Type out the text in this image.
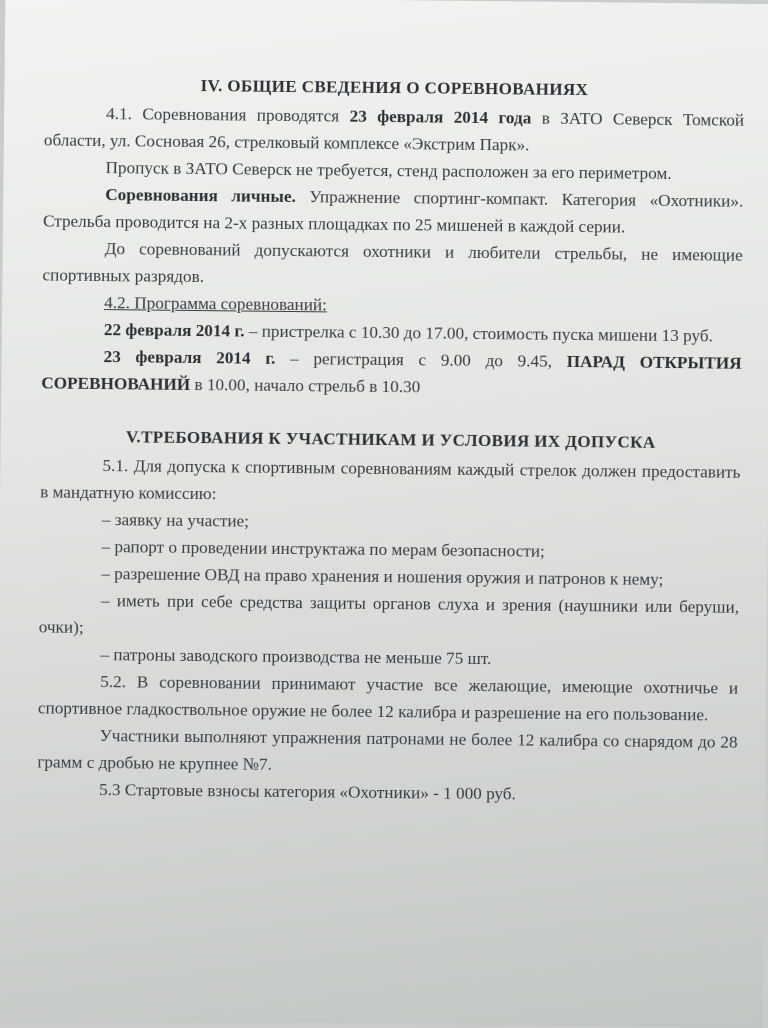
IV. ОБЩИЕ СВЕДЕНИЯ О СОРЕВНОВАНИЯХ

4.1. Соревнования проводятся 23 февраля 2014 года в ЗАТО Северск Томской области, ул. Сосновая 26, стрелковый комплексе «Экстрим Парк».

Пропуск в ЗАТО Северск не требуется, стенд расположен за его периметром.

Соревнования личные. Упражнение спортинг-компакт. Категория «Охотники». Стрельба проводится на 2-х разных площадках по 25 мишеней в каждой серии.

До соревнований допускаются охотники и любители стрельбы, не имеющие спортивных разрядов.

4.2. Программа соревнований:

22 февраля 2014 г. – пристрелка с 10.30 до 17.00, стоимость пуска мишени 13 руб.

23 февраля 2014 г. – регистрация с 9.00 до 9.45, ПАРАД ОТКРЫТИЯ СОРЕВНОВАНИЙ в 10.00, начало стрельб в 10.30

V.ТРЕБОВАНИЯ К УЧАСТНИКАМ И УСЛОВИЯ ИХ ДОПУСКА

5.1. Для допуска к спортивным соревнованиям каждый стрелок должен предоставить в мандатную комиссию:

– заявку на участие;

– рапорт о проведении инструктажа по мерам безопасности;

– разрешение ОВД на право хранения и ношения оружия и патронов к нему;

– иметь при себе средства защиты органов слуха и зрения (наушники или беруши, очки);

– патроны заводского производства не меньше 75 шт.

5.2. В соревновании принимают участие все желающие, имеющие охотничье и спортивное гладкоствольное оружие не более 12 калибра и разрешение на его пользование.

Участники выполняют упражнения патронами не более 12 калибра со снарядом до 28 грамм с дробью не крупнее №7.

5.3 Стартовые взносы категория «Охотники» - 1 000 руб.
